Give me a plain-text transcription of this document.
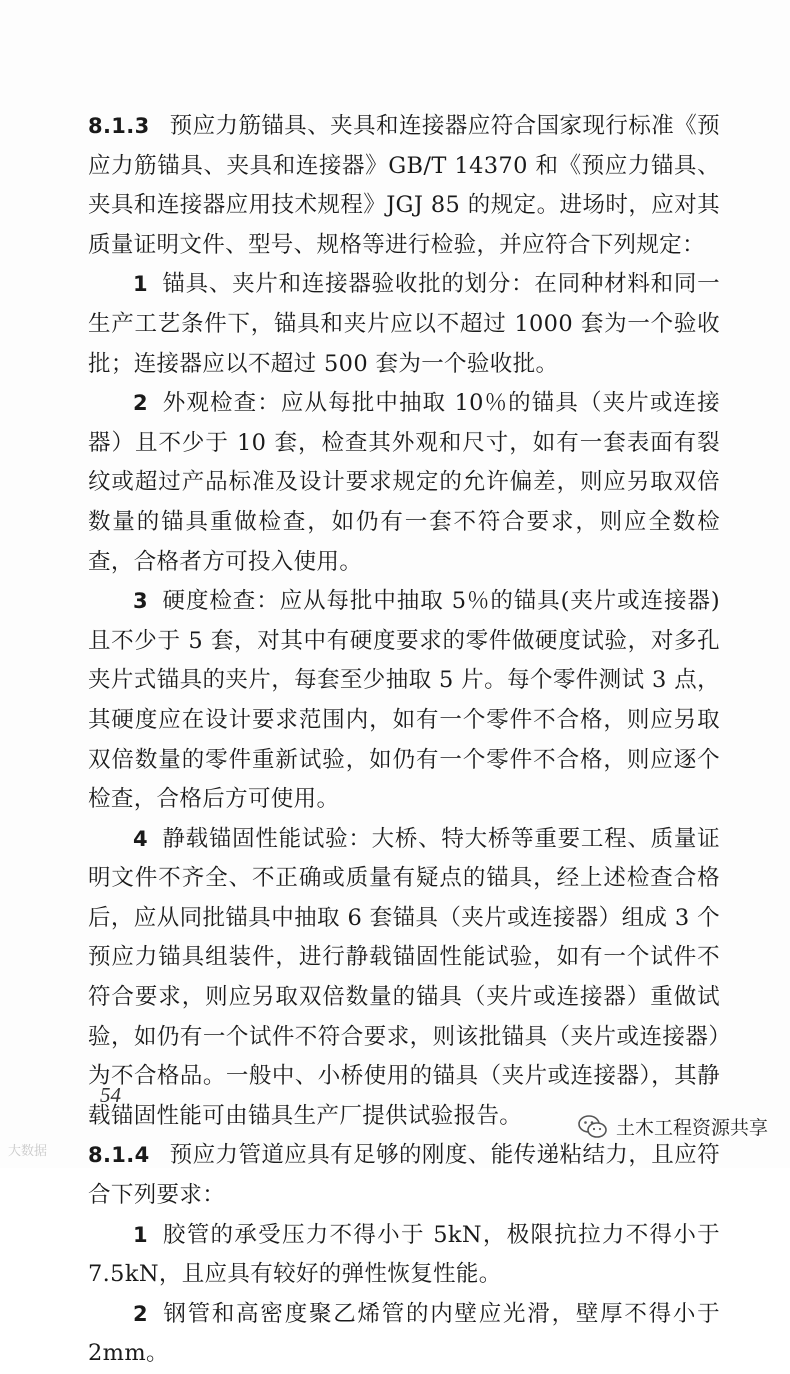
8.1.3 预应力筋锚具、夹具和连接器应符合国家现行标准《预应力筋锚具、夹具和连接器》GB/T 14370 和《预应力锚具、夹具和连接器应用技术规程》JGJ 85 的规定。进场时，应对其质量证明文件、型号、规格等进行检验，并应符合下列规定：

1 锚具、夹片和连接器验收批的划分：在同种材料和同一生产工艺条件下，锚具和夹片应以不超过 1000 套为一个验收批；连接器应以不超过 500 套为一个验收批。

2 外观检查：应从每批中抽取 10％的锚具（夹片或连接器）且不少于 10 套，检查其外观和尺寸，如有一套表面有裂纹或超过产品标准及设计要求规定的允许偏差，则应另取双倍数量的锚具重做检查，如仍有一套不符合要求，则应全数检查，合格者方可投入使用。

3 硬度检查：应从每批中抽取 5％的锚具(夹片或连接器)且不少于 5 套，对其中有硬度要求的零件做硬度试验，对多孔夹片式锚具的夹片，每套至少抽取 5 片。每个零件测试 3 点，其硬度应在设计要求范围内，如有一个零件不合格，则应另取双倍数量的零件重新试验，如仍有一个零件不合格，则应逐个检查，合格后方可使用。

4 静载锚固性能试验：大桥、特大桥等重要工程、质量证明文件不齐全、不正确或质量有疑点的锚具，经上述检查合格后，应从同批锚具中抽取 6 套锚具（夹片或连接器）组成 3 个预应力锚具组装件，进行静载锚固性能试验，如有一个试件不符合要求，则应另取双倍数量的锚具（夹片或连接器）重做试验，如仍有一个试件不符合要求，则该批锚具（夹片或连接器）为不合格品。一般中、小桥使用的锚具（夹片或连接器），其静载锚固性能可由锚具生产厂提供试验报告。

8.1.4 预应力管道应具有足够的刚度、能传递粘结力，且应符合下列要求：

1 胶管的承受压力不得小于 5kN，极限抗拉力不得小于 7.5kN，且应具有较好的弹性恢复性能。

2 钢管和高密度聚乙烯管的内壁应光滑，壁厚不得小于 2mm。

54
大数据
土木工程资源共享
